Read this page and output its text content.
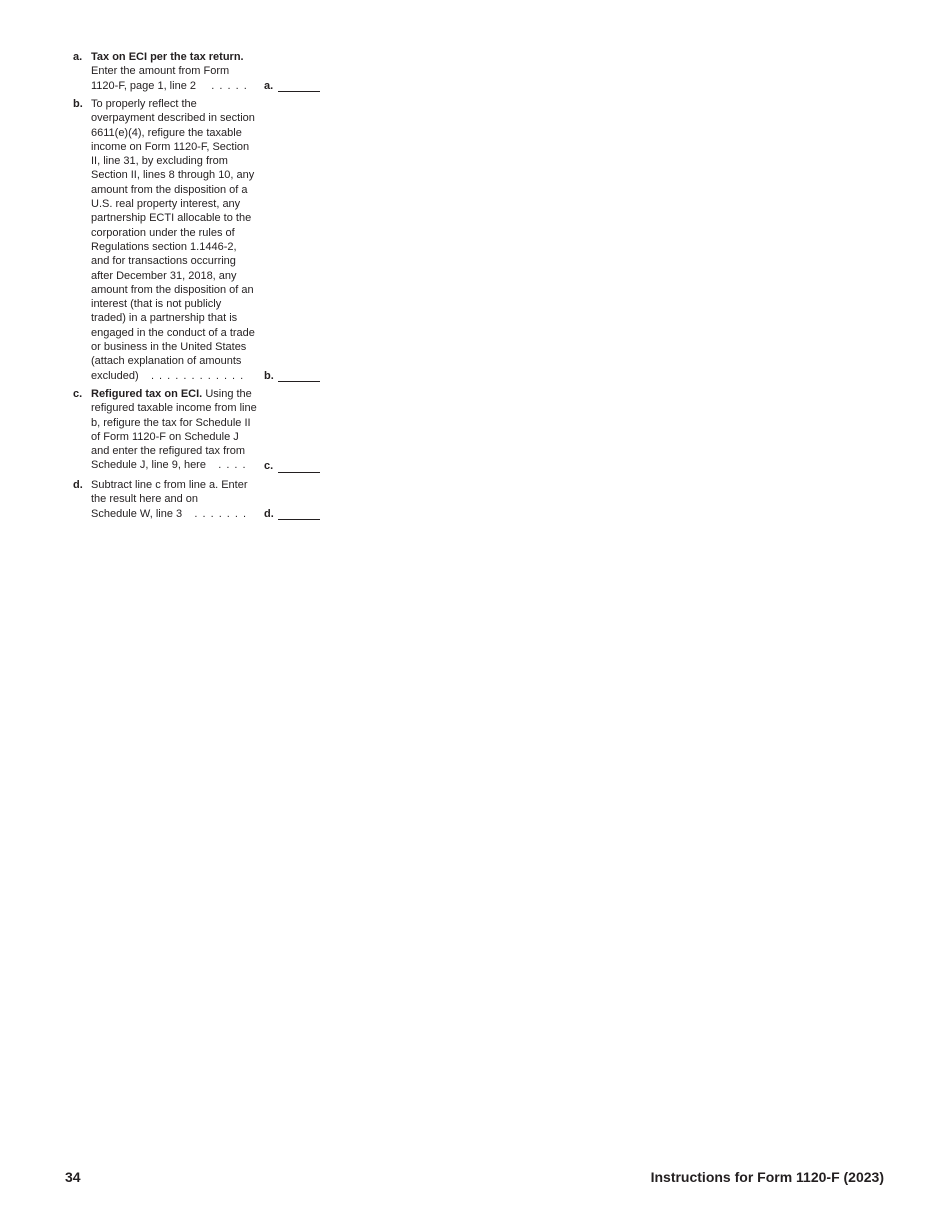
a. Tax on ECI per the tax return.
Enter the amount from Form
1120-F, page 1, line 2 . . . . .	a.
b. To properly reflect the
overpayment described in section
6611(e)(4), refigure the taxable
income on Form 1120-F, Section
II, line 31, by excluding from
Section II, lines 8 through 10, any
amount from the disposition of a
U.S. real property interest, any
partnership ECTI allocable to the
corporation under the rules of
Regulations section 1.1446-2,
and for transactions occurring
after December 31, 2018, any
amount from the disposition of an
interest (that is not publicly
traded) in a partnership that is
engaged in the conduct of a trade
or business in the United States
(attach explanation of amounts
excluded) . . . . . . . . . . . .	b.
c. Refigured tax on ECI. Using the
refigured taxable income from line
b, refigure the tax for Schedule II
of Form 1120-F on Schedule J
and enter the refigured tax from
Schedule J, line 9, here . . . .	c.
d. Subtract line c from line a. Enter
the result here and on
Schedule W, line 3 . . . . . . .	d.
34	Instructions for Form 1120-F (2023)
